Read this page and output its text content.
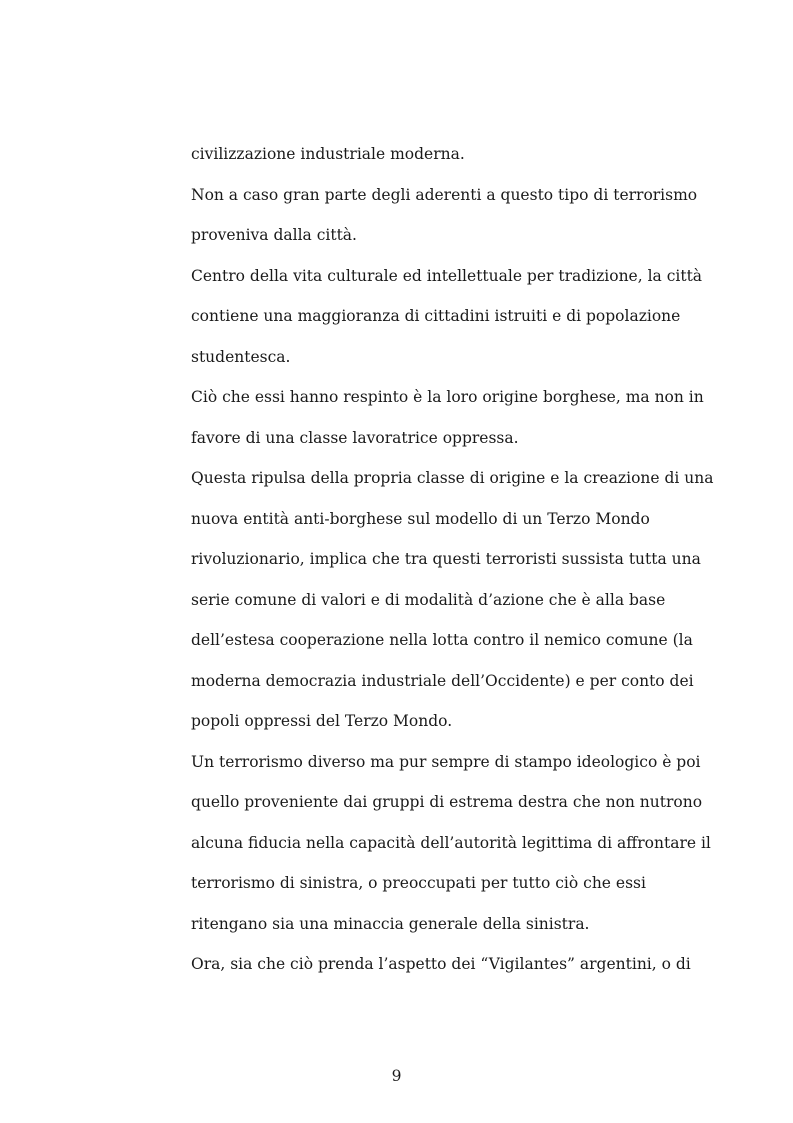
civilizzazione industriale moderna.

Non a caso gran parte degli aderenti a questo tipo di terrorismo

proveniva dalla città.

Centro della vita culturale ed intellettuale per tradizione, la città

contiene una maggioranza di cittadini istruiti e di popolazione

studentesca.

Ciò che essi hanno respinto è la loro origine borghese, ma non in

favore di una classe lavoratrice oppressa.

Questa ripulsa della propria classe di origine e la creazione di una

nuova entità anti-borghese sul modello di un Terzo Mondo

rivoluzionario, implica che tra questi terroristi sussista tutta una

serie comune di valori e di modalità d’azione che è alla base

dell’estesa cooperazione nella lotta contro il nemico comune (la

moderna democrazia industriale dell’Occidente) e per conto dei

popoli oppressi del Terzo Mondo.

Un terrorismo diverso ma pur sempre di stampo ideologico è poi

quello proveniente dai gruppi di estrema destra che non nutrono

alcuna fiducia nella capacità dell’autorità legittima di affrontare il

terrorismo di sinistra, o preoccupati per tutto ciò che essi

ritengano sia una minaccia generale della sinistra.

Ora, sia che ciò prenda l’aspetto dei “Vigilantes” argentini, o di

9
